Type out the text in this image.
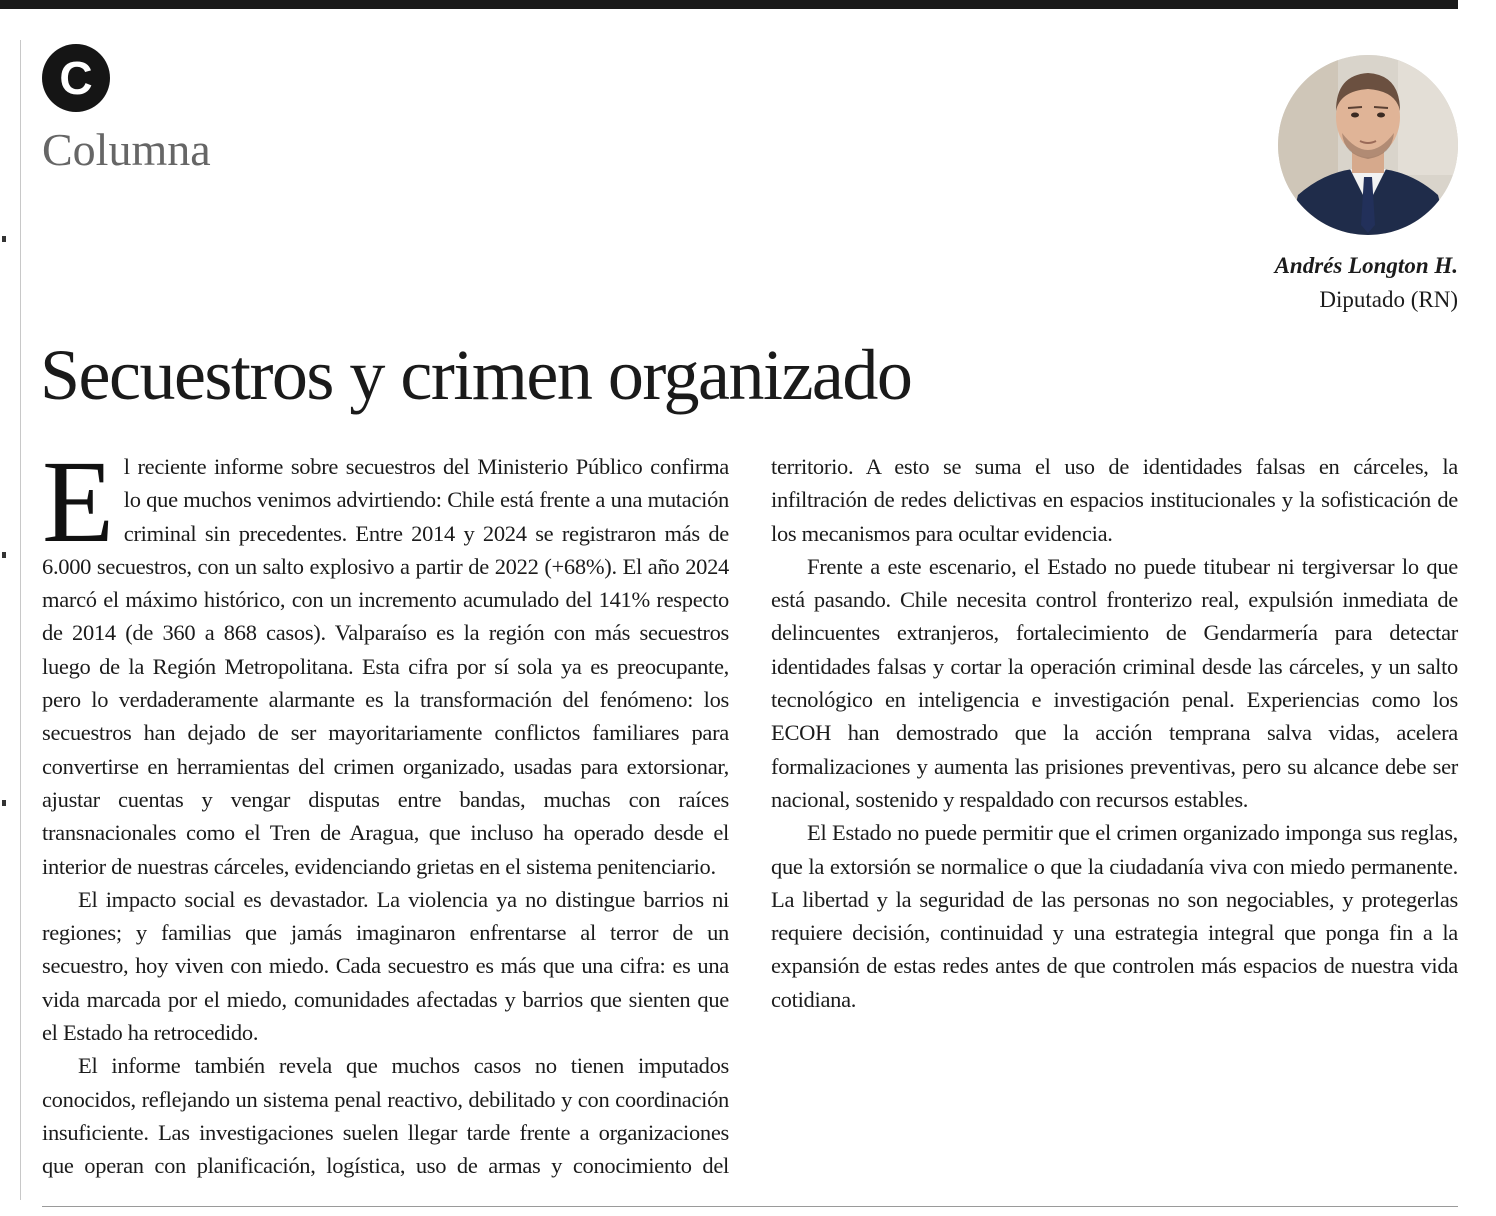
C
Columna
Andrés Longton H.
Diputado (RN)
Secuestros y crimen organizado

El reciente informe sobre secuestros del Ministerio Público confirma lo que muchos venimos advirtiendo: Chile está frente a una mutación criminal sin precedentes. Entre 2014 y 2024 se registraron más de 6.000 secuestros, con un salto explosivo a partir de 2022 (+68%). El año 2024 marcó el máximo histórico, con un incremento acumulado del 141% respecto de 2014 (de 360 a 868 casos). Valparaíso es la región con más secuestros luego de la Región Metropolitana. Esta cifra por sí sola ya es preocupante, pero lo verdaderamente alarmante es la transformación del fenómeno: los secuestros han dejado de ser mayoritariamente conflictos familiares para convertirse en herramientas del crimen organizado, usadas para extorsionar, ajustar cuentas y vengar disputas entre bandas, muchas con raíces transnacionales como el Tren de Aragua, que incluso ha operado desde el interior de nuestras cárceles, evidenciando grietas en el sistema penitenciario.

El impacto social es devastador. La violencia ya no distingue barrios ni regiones; y familias que jamás imaginaron enfrentarse al terror de un secuestro, hoy viven con miedo. Cada secuestro es más que una cifra: es una vida marcada por el miedo, comunidades afectadas y barrios que sienten que el Estado ha retrocedido.

El informe también revela que muchos casos no tienen imputados conocidos, reflejando un sistema penal reactivo, debilitado y con coordinación insuficiente. Las investigaciones suelen llegar tarde frente a organizaciones que operan con planificación, logística, uso de armas y conocimiento del territorio. A esto se suma el uso de identidades falsas en cárceles, la infiltración de redes delictivas en espacios institucionales y la sofisticación de los mecanismos para ocultar evidencia.

Frente a este escenario, el Estado no puede titubear ni tergiversar lo que está pasando. Chile necesita control fronterizo real, expulsión inmediata de delincuentes extranjeros, fortalecimiento de Gendarmería para detectar identidades falsas y cortar la operación criminal desde las cárceles, y un salto tecnológico en inteligencia e investigación penal. Experiencias como los ECOH han demostrado que la acción temprana salva vidas, acelera formalizaciones y aumenta las prisiones preventivas, pero su alcance debe ser nacional, sostenido y respaldado con recursos estables.

El Estado no puede permitir que el crimen organizado imponga sus reglas, que la extorsión se normalice o que la ciudadanía viva con miedo permanente. La libertad y la seguridad de las personas no son negociables, y protegerlas requiere decisión, continuidad y una estrategia integral que ponga fin a la expansión de estas redes antes de que controlen más espacios de nuestra vida cotidiana.
